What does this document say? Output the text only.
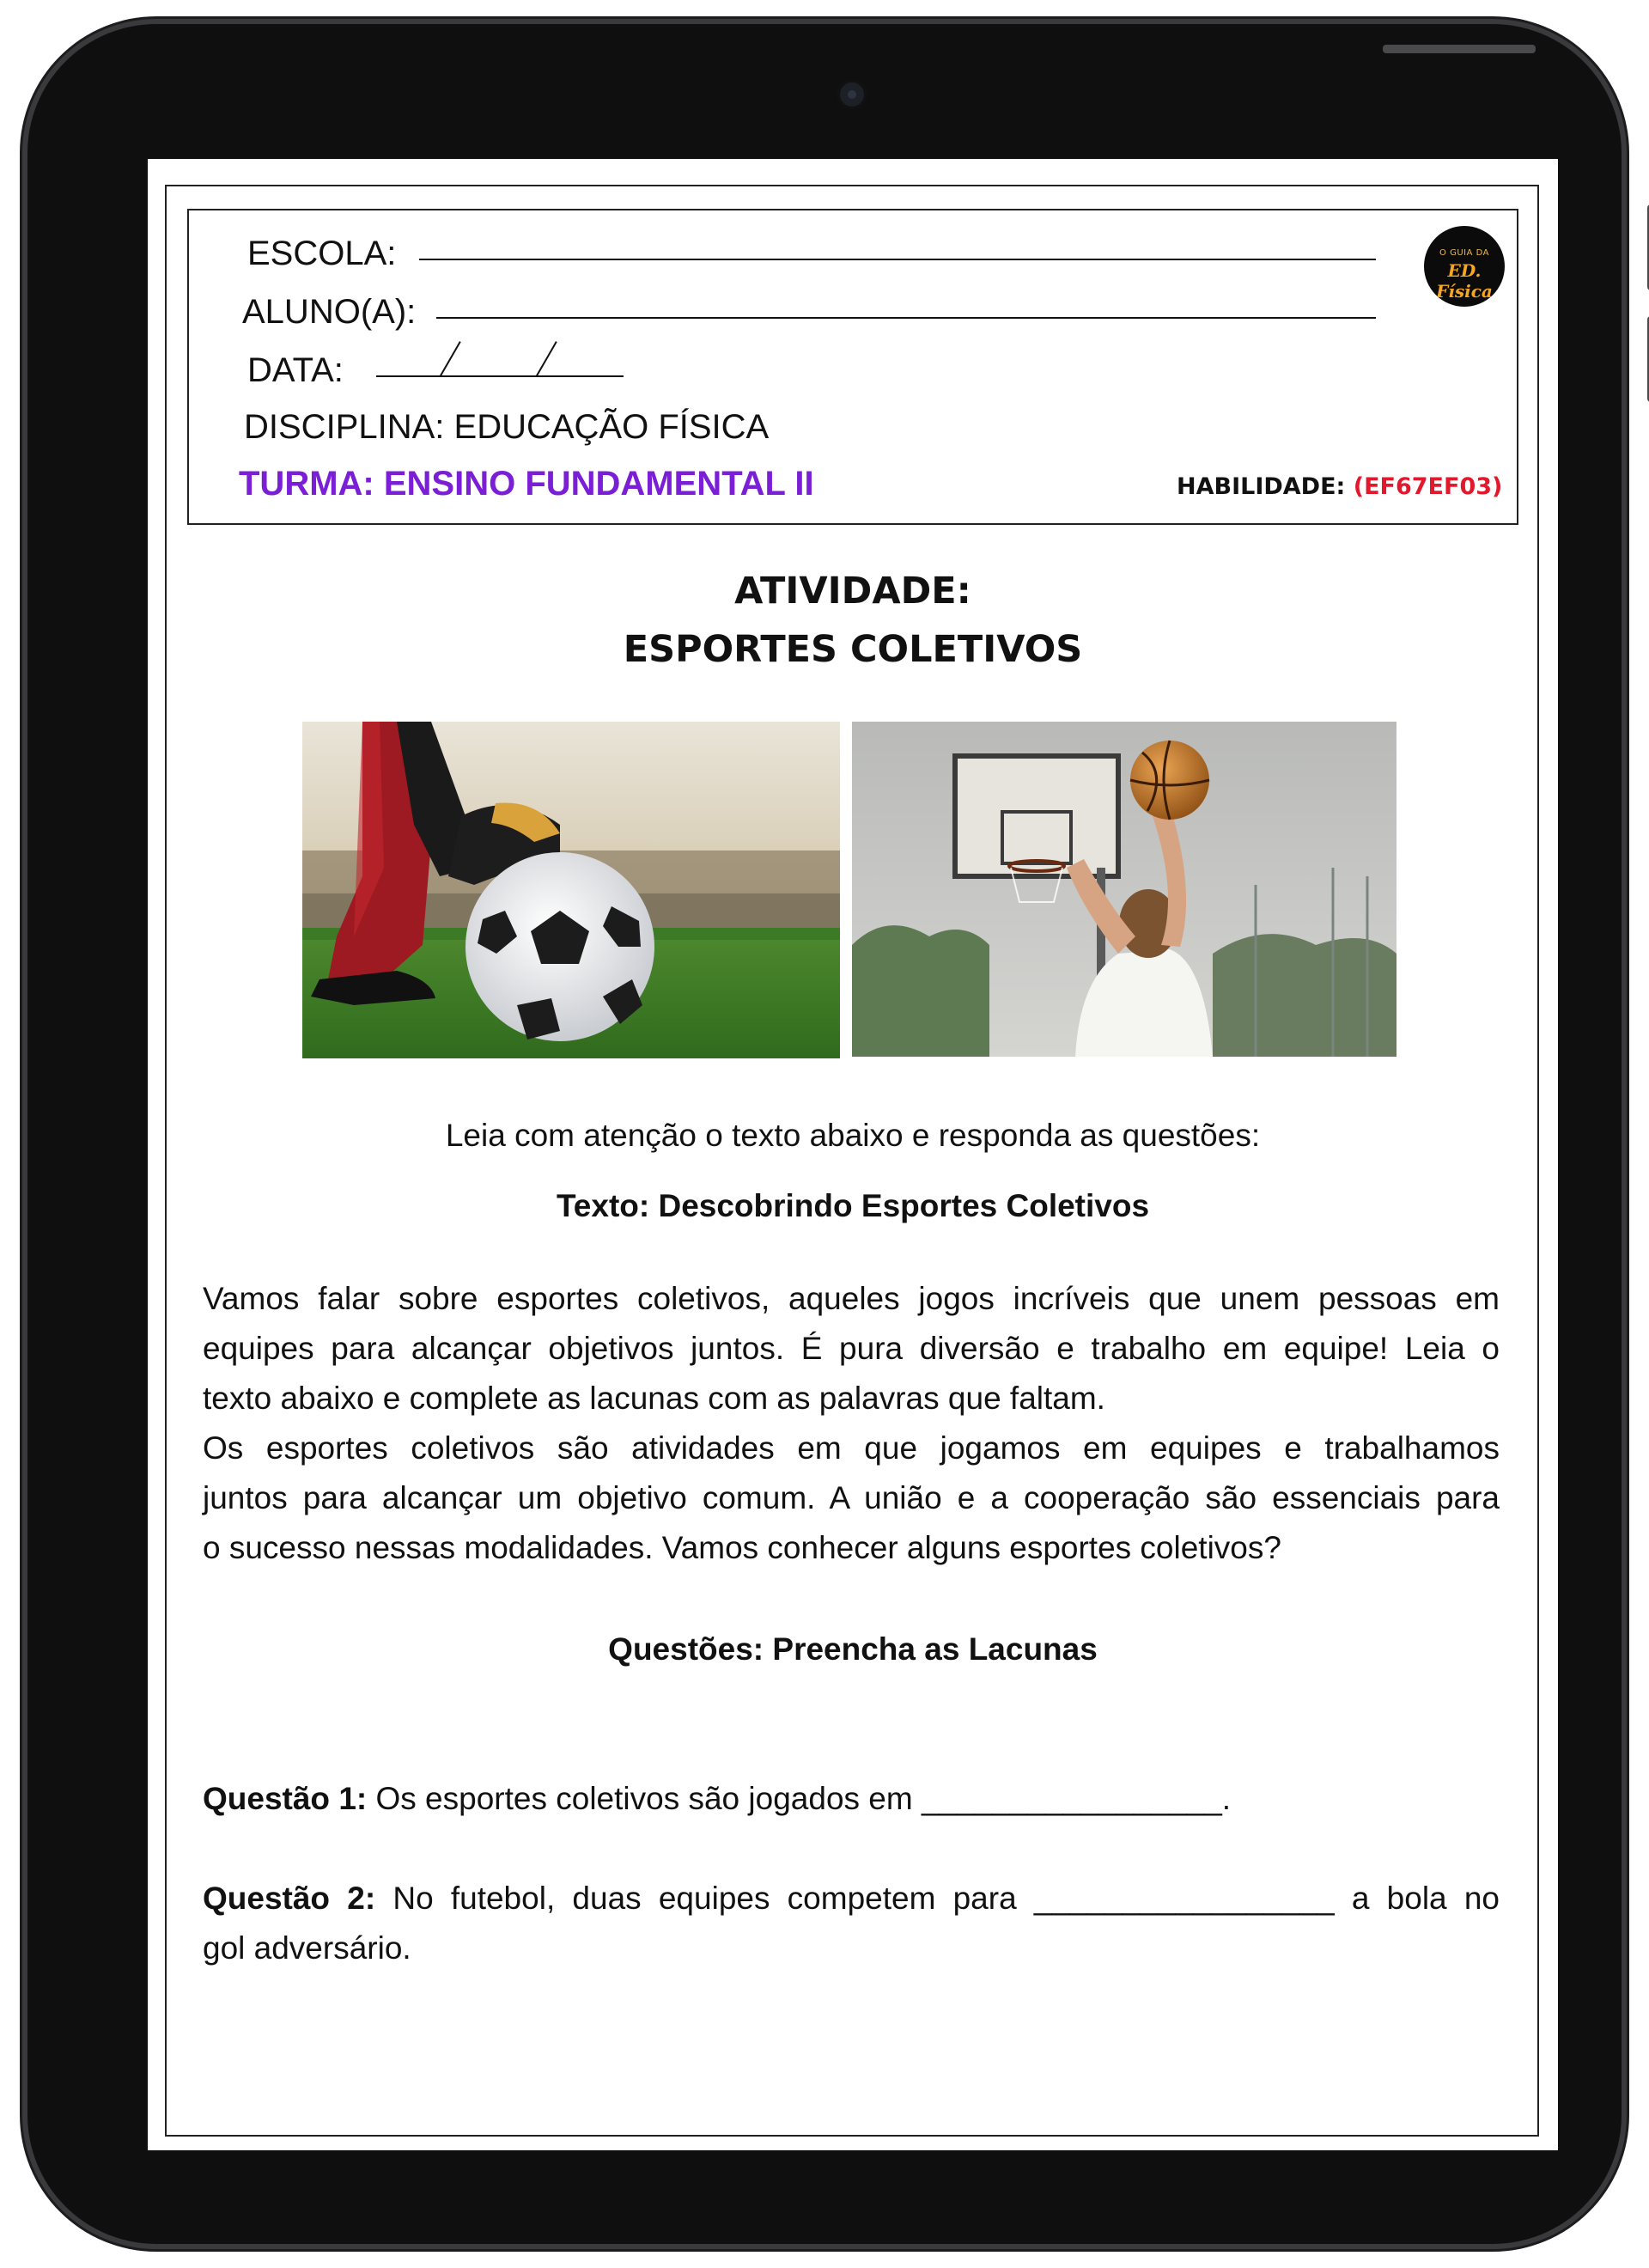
ESCOLA:
ALUNO(A):
DATA:
DISCIPLINA: EDUCAÇÃO FÍSICA
TURMA: ENSINO FUNDAMENTAL II	HABILIDADE: (EF67EF03)
O GUIA DA
ED. Física
ATIVIDADE:
ESPORTES COLETIVOS
Leia com atenção o texto abaixo e responda as questões:
Texto: Descobrindo Esportes Coletivos
Vamos falar sobre esportes coletivos, aqueles jogos incríveis que unem pessoas em
equipes para alcançar objetivos juntos. É pura diversão e trabalho em equipe! Leia o
texto abaixo e complete as lacunas com as palavras que faltam.
Os esportes coletivos são atividades em que jogamos em equipes e trabalhamos
juntos para alcançar um objetivo comum. A união e a cooperação são essenciais para
o sucesso nessas modalidades. Vamos conhecer alguns esportes coletivos?
Questões: Preencha as Lacunas
Questão 1: Os esportes coletivos são jogados em _________________.
Questão 2: No futebol, duas equipes competem para _________________ a bola no
gol adversário.
